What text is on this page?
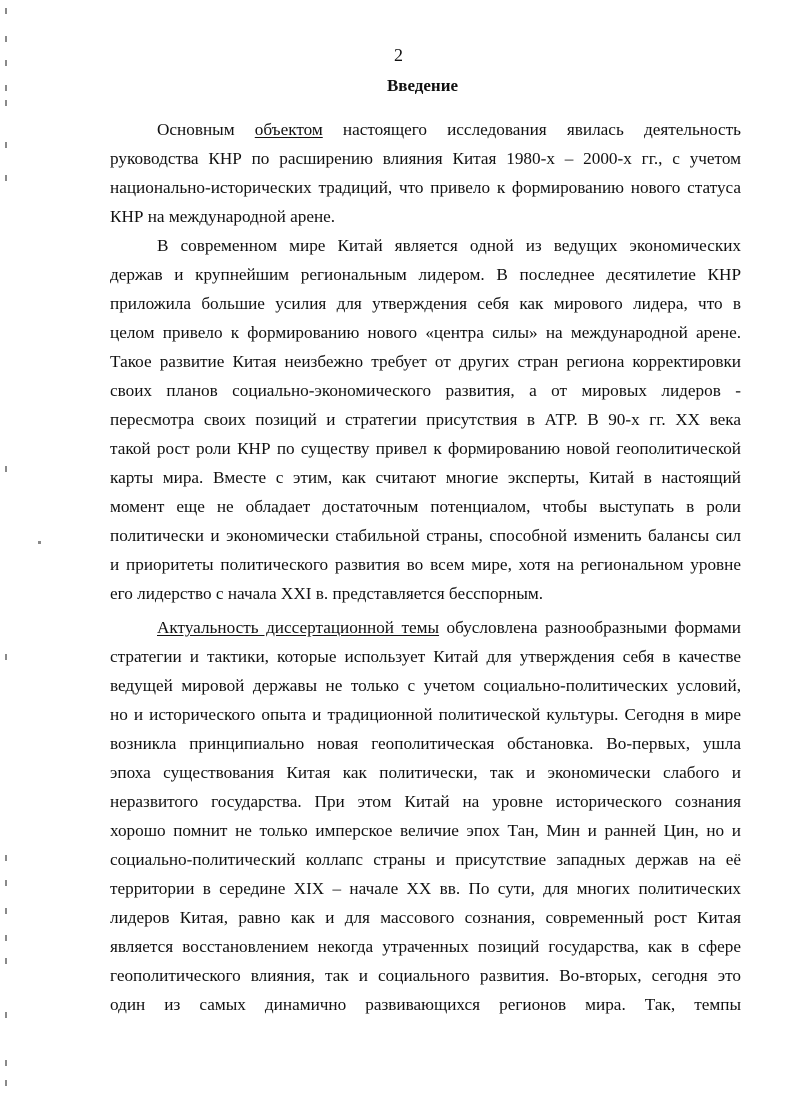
2
Введение
Основным объектом настоящего исследования явилась деятельность
руководства КНР по расширению влияния Китая 1980-х – 2000-х гг., с учетом
национально-исторических традиций, что привело к формированию нового статуса
КНР на международной арене.
В современном мире Китай является одной из ведущих экономических
держав и крупнейшим региональным лидером. В последнее десятилетие КНР
приложила большие усилия для утверждения себя как мирового лидера, что в
целом привело к формированию нового «центра силы» на международной арене.
Такое развитие Китая неизбежно требует от других стран региона корректировки
своих планов социально-экономического развития, а от мировых лидеров -
пересмотра своих позиций и стратегии присутствия в АТР. В 90-х гг. XX века
такой рост роли КНР по существу привел к формированию новой геополитической
карты мира. Вместе с этим, как считают многие эксперты, Китай в настоящий
момент еще не обладает достаточным потенциалом, чтобы выступать в роли
политически и экономически стабильной страны, способной изменить балансы сил
и приоритеты политического развития во всем мире, хотя на региональном уровне
его лидерство с начала XXI в. представляется бесспорным.
Актуальность диссертационной темы обусловлена разнообразными формами
стратегии и тактики, которые использует Китай для утверждения себя в качестве
ведущей мировой державы не только с учетом социально-политических условий,
но и исторического опыта и традиционной политической культуры. Сегодня в мире
возникла принципиально новая геополитическая обстановка. Во-первых, ушла
эпоха существования Китая как политически, так и экономически слабого и
неразвитого государства. При этом Китай на уровне исторического сознания
хорошо помнит не только имперское величие эпох Тан, Мин и ранней Цин, но и
социально-политический коллапс страны и присутствие западных держав на её
территории в середине XIX – начале XX вв. По сути, для многих политических
лидеров Китая, равно как и для массового сознания, современный рост Китая
является восстановлением некогда утраченных позиций государства, как в сфере
геополитического влияния, так и социального развития. Во-вторых, сегодня это
один из самых динамично развивающихся регионов мира. Так, темпы
